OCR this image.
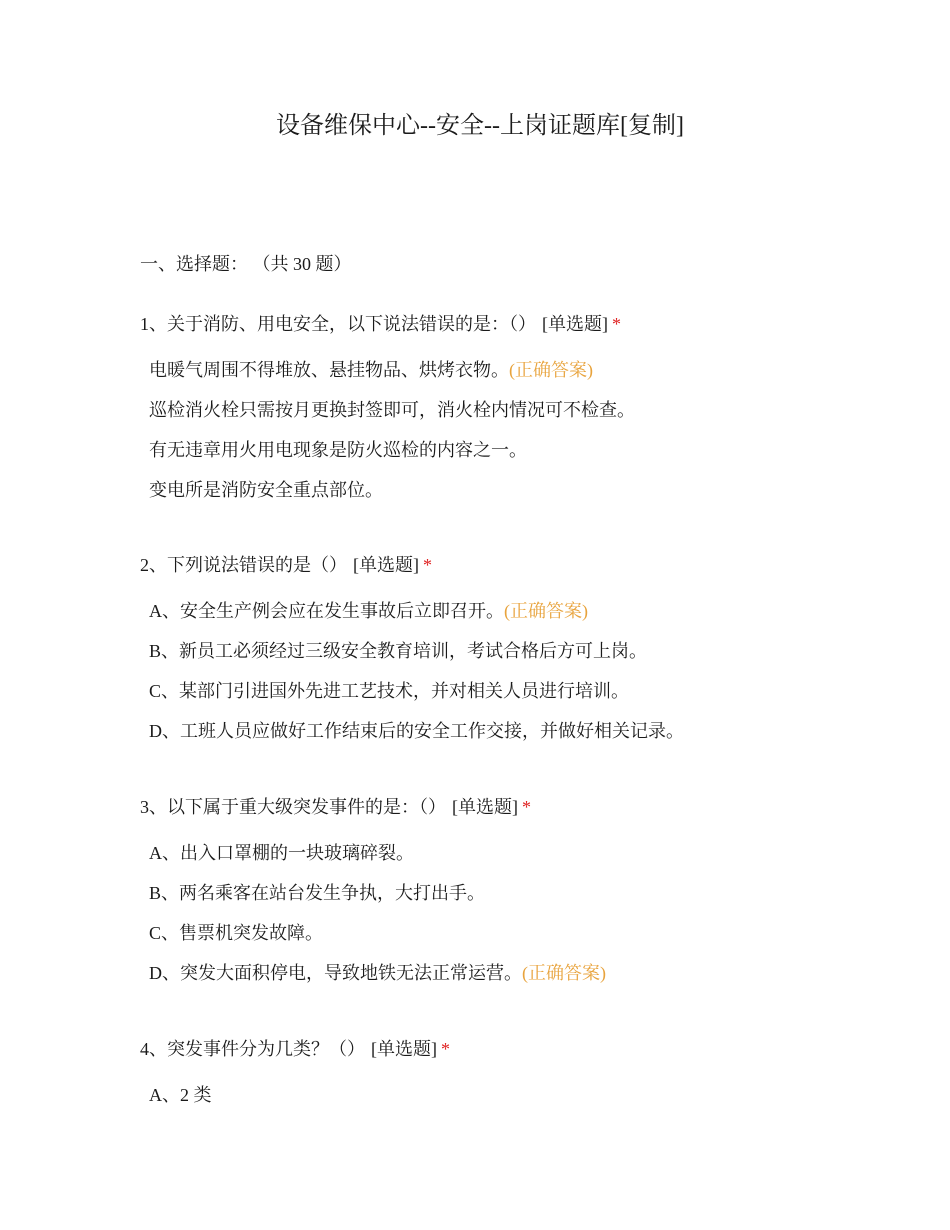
设备维保中心--安全--上岗证题库[复制]
一、选择题： （共 30 题）
1、关于消防、用电安全，以下说法错误的是：（） [单选题] *
电暖气周围不得堆放、悬挂物品、烘烤衣物。(正确答案)
巡检消火栓只需按月更换封签即可，消火栓内情况可不检查。
有无违章用火用电现象是防火巡检的内容之一。
变电所是消防安全重点部位。
2、下列说法错误的是（） [单选题] *
A、安全生产例会应在发生事故后立即召开。(正确答案)
B、新员工必须经过三级安全教育培训，考试合格后方可上岗。
C、某部门引进国外先进工艺技术，并对相关人员进行培训。
D、工班人员应做好工作结束后的安全工作交接，并做好相关记录。
3、以下属于重大级突发事件的是：（） [单选题] *
A、出入口罩棚的一块玻璃碎裂。
B、两名乘客在站台发生争执，大打出手。
C、售票机突发故障。
D、突发大面积停电，导致地铁无法正常运营。(正确答案)
4、突发事件分为几类？（） [单选题] *
A、2 类
